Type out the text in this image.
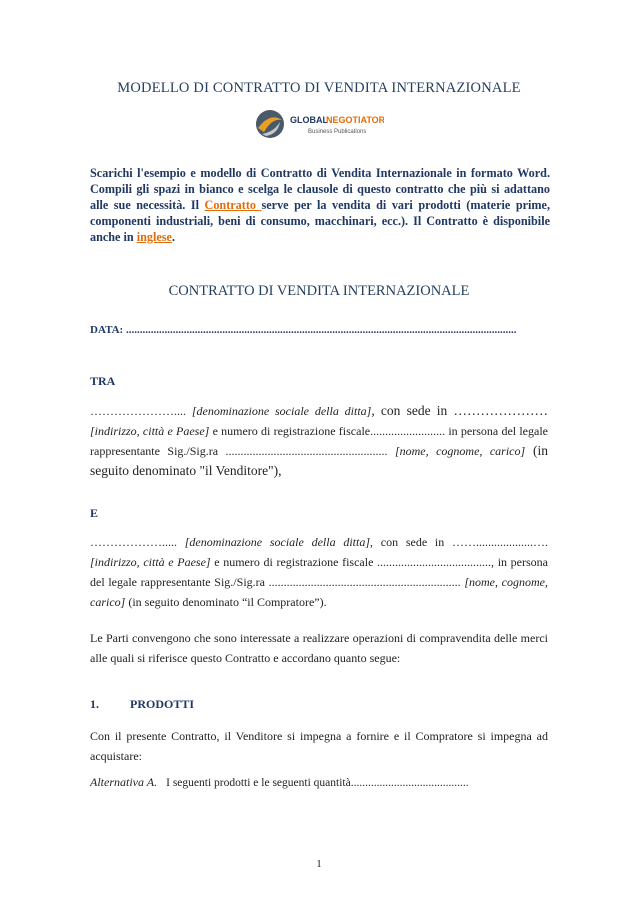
MODELLO DI CONTRATTO DI VENDITA INTERNAZIONALE
GLOBAL
NEGOTIATOR
Business Publications
Scarichi l'esempio e modello di Contratto di Vendita Internazionale in formato Word. Compili gli spazi in bianco e scelga le clausole di questo contratto che più si adattano alle sue necessità. Il Contratto serve per la vendita di vari prodotti (materie prime, componenti industriali, beni di consumo, macchinari, ecc.). Il Contratto è disponibile anche in inglese.
CONTRATTO DI VENDITA INTERNAZIONALE
DATA: ..............................................................................................................................................
TRA
………………….... [denominazione sociale della ditta], con sede in ………………… [indirizzo, città e Paese] e numero di registrazione fiscale......................... in persona del legale rappresentante Sig./Sig.ra ...................................................... [nome, cognome, carico] (in seguito denominato "il Venditore"),
E
………………..... [denominazione sociale della ditta], con sede in ……...................…. [indirizzo, città e Paese] e numero di registrazione fiscale ......................................, in persona del legale rappresentante Sig./Sig.ra ................................................................ [nome, cognome, carico] (in seguito denominato “il Compratore”).
Le Parti convengono che sono interessate a realizzare operazioni di compravendita delle merci alle quali si riferisce questo Contratto e accordano quanto segue:
1.	PRODOTTI
Con il presente Contratto, il Venditore si impegna a fornire e il Compratore si impegna ad acquistare:
Alternativa A. I seguenti prodotti e le seguenti quantità.........................................
1
